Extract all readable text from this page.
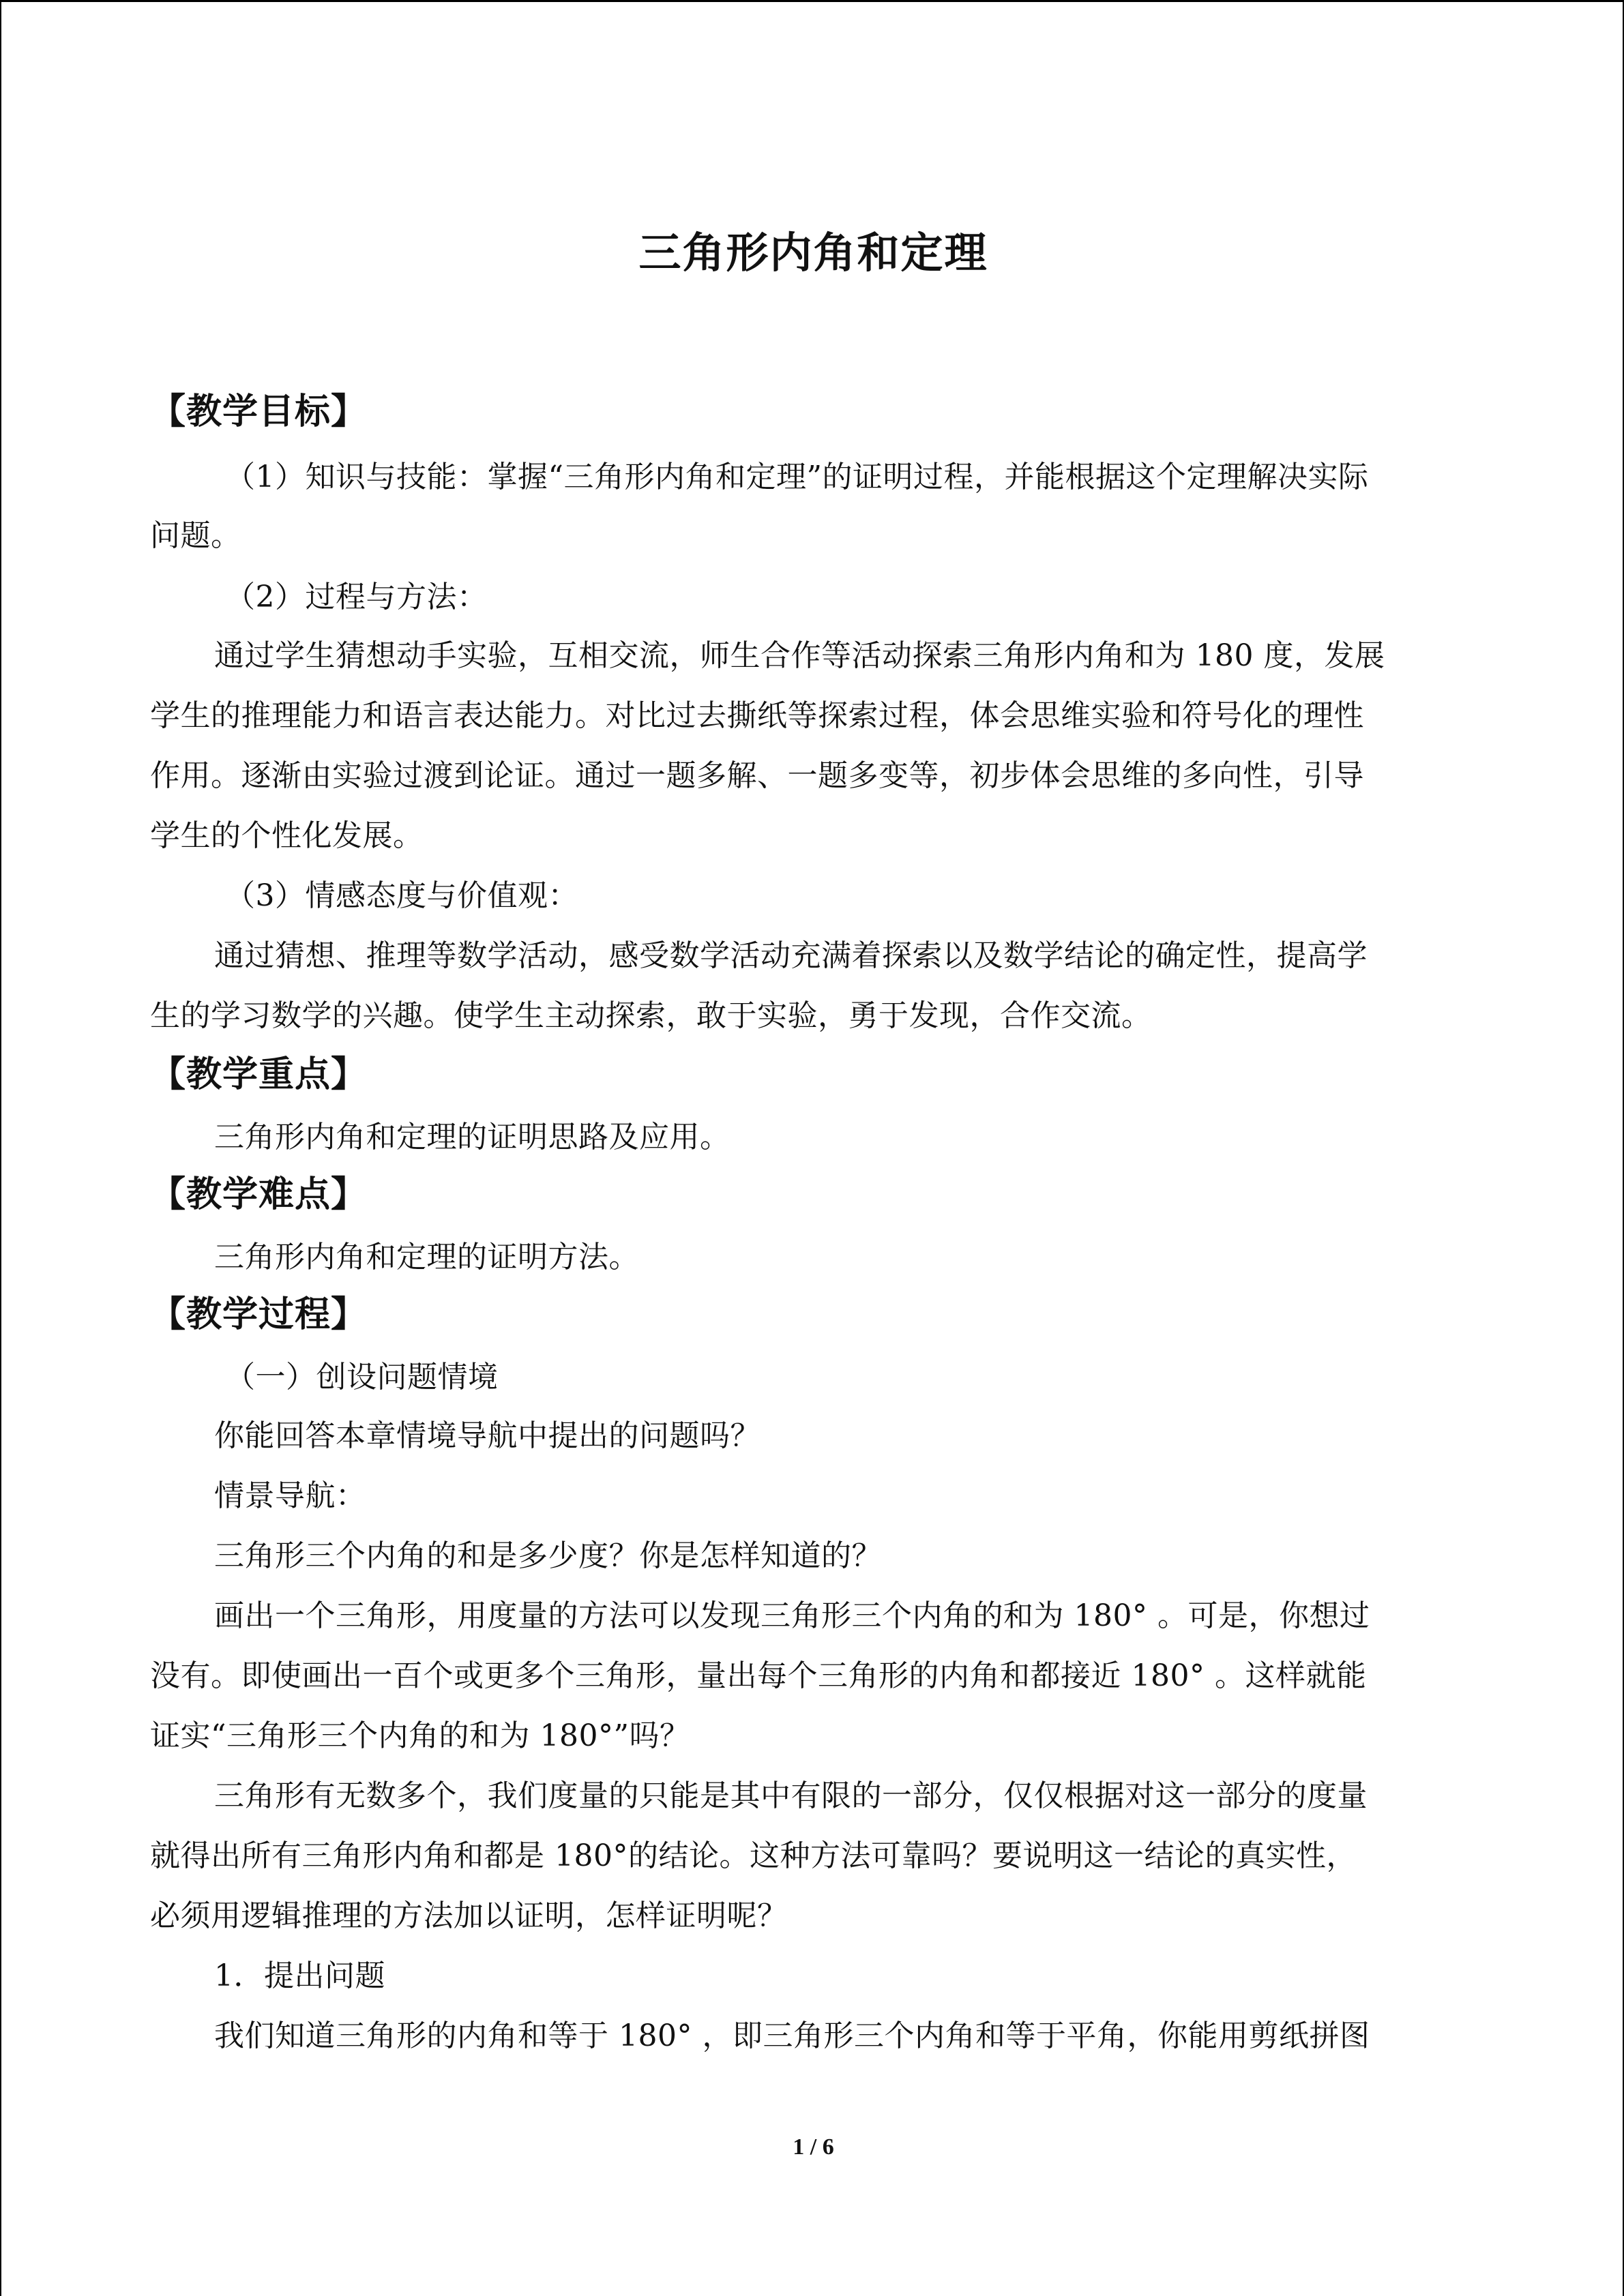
三角形内角和定理
【教学目标】
（1）知识与技能：掌握“三角形内角和定理”的证明过程，并能根据这个定理解决实际
问题。
（2）过程与方法：
通过学生猜想动手实验，互相交流，师生合作等活动探索三角形内角和为 180 度，发展
学生的推理能力和语言表达能力。对比过去撕纸等探索过程，体会思维实验和符号化的理性
作用。逐渐由实验过渡到论证。通过一题多解、一题多变等，初步体会思维的多向性，引导
学生的个性化发展。
（3）情感态度与价值观：
通过猜想、推理等数学活动，感受数学活动充满着探索以及数学结论的确定性，提高学
生的学习数学的兴趣。使学生主动探索，敢于实验，勇于发现，合作交流。
【教学重点】
三角形内角和定理的证明思路及应用。
【教学难点】
三角形内角和定理的证明方法。
【教学过程】
（一）创设问题情境
你能回答本章情境导航中提出的问题吗？
情景导航：
三角形三个内角的和是多少度？你是怎样知道的？
画出一个三角形，用度量的方法可以发现三角形三个内角的和为 180° 。可是，你想过
没有。即使画出一百个或更多个三角形，量出每个三角形的内角和都接近 180° 。这样就能
证实“三角形三个内角的和为 180°”吗？
三角形有无数多个，我们度量的只能是其中有限的一部分，仅仅根据对这一部分的度量
就得出所有三角形内角和都是 180°的结论。这种方法可靠吗？要说明这一结论的真实性，
必须用逻辑推理的方法加以证明，怎样证明呢？
1．提出问题
我们知道三角形的内角和等于 180° ，即三角形三个内角和等于平角，你能用剪纸拼图
1 / 6
